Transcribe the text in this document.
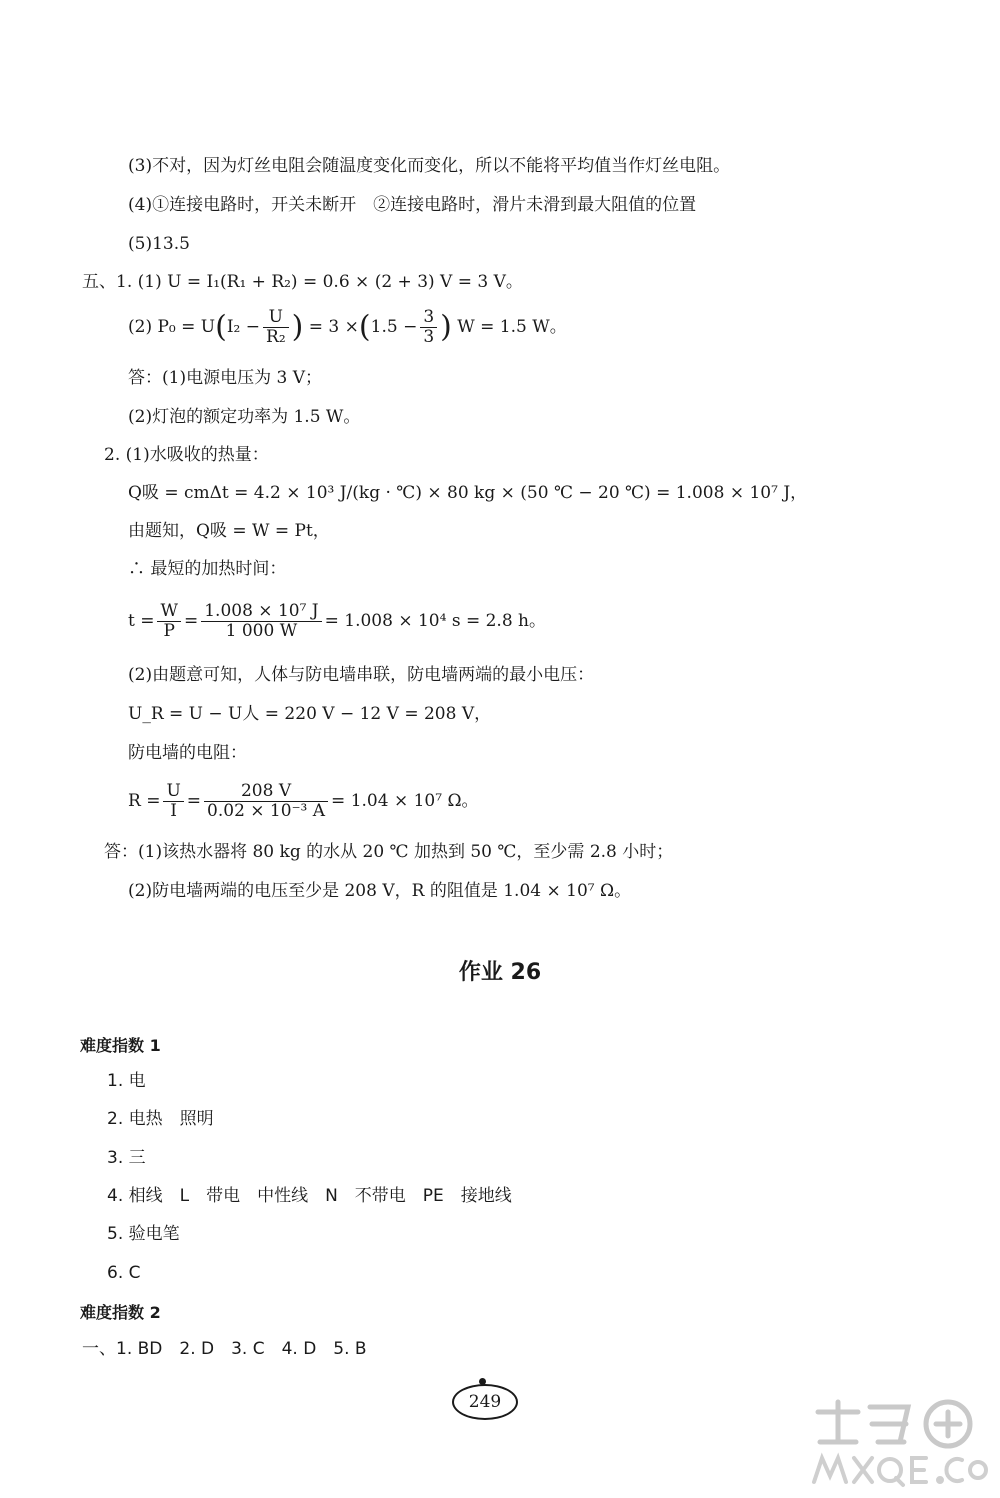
(3)不对，因为灯丝电阻会随温度变化而变化，所以不能将平均值当作灯丝电阻。
(4)①连接电路时，开关未断开　②连接电路时，滑片未滑到最大阻值的位置
(5)13.5
五、1. (1) U = I₁(R₁ + R₂) = 0.6 × (2 + 3) V = 3 V。
(2) $P_0 = U(I_2 - \frac{U}{\text{R₂}}$ ) = $3 \times(1.5 - \frac{3}{3}$ ) W = 1.5 W。
答：(1)电源电压为 3 V；
(2)灯泡的额定功率为 1.5 W。
2. (1)水吸收的热量：
Q吸 = cmΔt = 4.2 × 10³ J/(kg · ℃) × 80 kg × (50 ℃ − 20 ℃) = 1.008 × 10⁷ J，
由题知，Q吸 = W = Pt，
∴ 最短的加热时间：
$t = \frac{W}{P} = \frac{\text{1.008 × 10⁷ J}}{1 000 W} = 1.008 \times 10^4$ s = 2.8 h。
(2)由题意可知，人体与防电墙串联，防电墙两端的最小电压：
U_R = U − U人 = 220 V − 12 V = 208 V，
防电墙的电阻：
$R = \frac{U}{I} = \frac{208 V}{\text{0.02 × 10⁻³ A}} = 1.04 \times 10^7$ Ω。
答：(1)该热水器将 80 kg 的水从 20 ℃ 加热到 50 ℃，至少需 2.8 小时；
(2)防电墙两端的电压至少是 208 V，R 的阻值是 1.04 × 10⁷ Ω。
作业 26
难度指数 1
1. 电
2. 电热　照明
3. 三
4. 相线　L　带电　中性线　N　不带电　PE　接地线
5. 验电笔
6. C
难度指数 2
一、1. BD　2. D　3. C　4. D　5. B
249
